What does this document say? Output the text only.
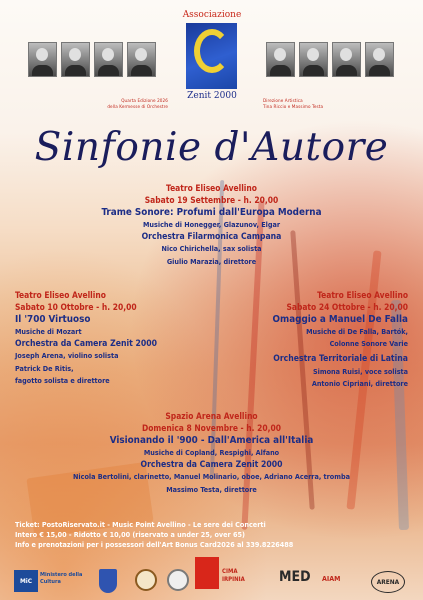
Associazione
Zenit 2000
Quarta Edizione 2026
della Kermesse di Orchestre
Direzione Artistica
Tina Riccio e Massimo Testa
Sinfonie d'Autore
Teatro Eliseo Avellino
Sabato 19 Settembre - h. 20,00
Trame Sonore: Profumi dall'Europa Moderna
Musiche di Honegger, Glazunov, Elgar
Orchestra Filarmonica Campana
Nico Chirichella, sax solista
Giulio Marazia, direttore
Teatro Eliseo Avellino
Sabato 10 Ottobre - h. 20,00
Il '700 Virtuoso
Musiche di Mozart
Orchestra da Camera Zenit 2000
Joseph Arena, violino solista
Patrick De Ritis,
fagotto solista e direttore
Teatro Eliseo Avellino
Sabato 24 Ottobre - h. 20,00
Omaggio a Manuel De Falla
Musiche di De Falla, Bartók,
Colonne Sonore Varie
Orchestra Territoriale di Latina
Simona Ruisi, voce solista
Antonio Cipriani, direttore
Spazio Arena Avellino
Domenica 8 Novembre - h. 20,00
Visionando il '900 - Dall'America all'Italia
Musiche di Copland, Respighi, Alfano
Orchestra da Camera Zenit 2000
Nicola Bertolini, clarinetto, Manuel Molinario, oboe, Adriano Acerra, tromba
Massimo Testa, direttore
Ticket: PostoRiservato.it - Music Point Avellino - Le sere dei Concerti
Intero € 15,00 - Ridotto € 10,00 (riservato a under 25, over 65)
Info e prenotazioni per i possessori dell'Art Bonus Card2026 al 339.8226488
MiC
Ministero della Cultura
CIMA IRPINIA	MED AIAM	ARENA
